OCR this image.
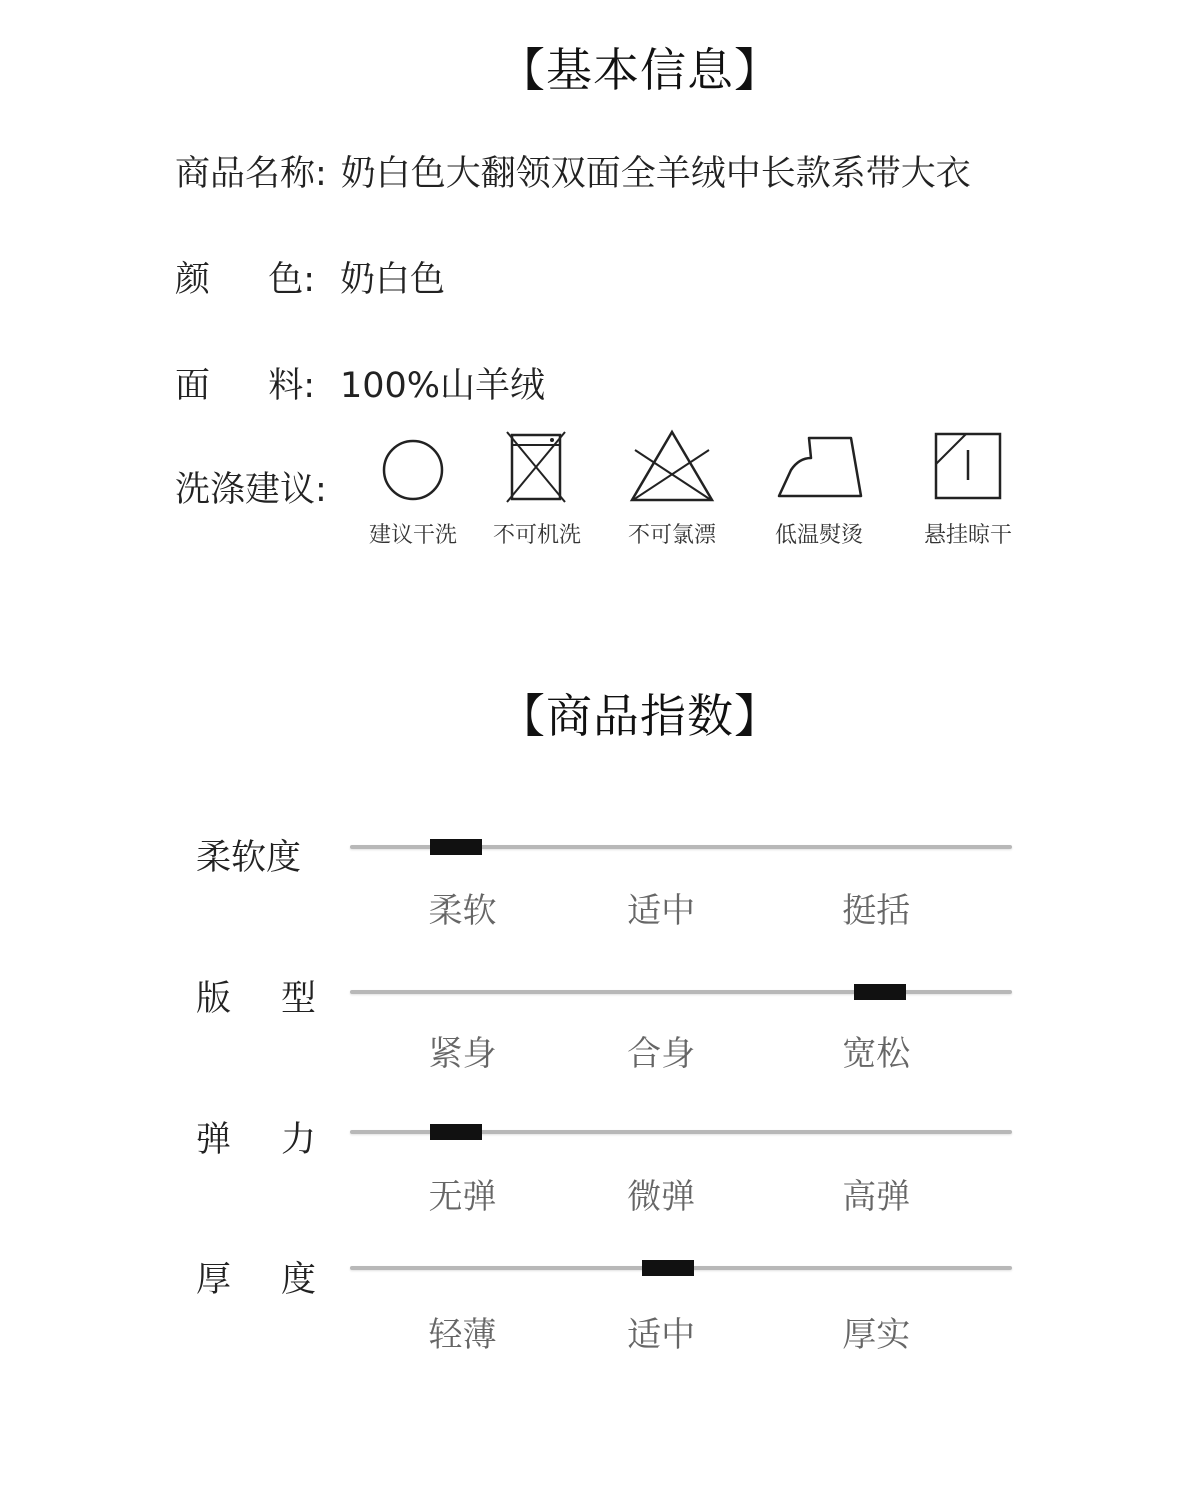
【基本信息】
商品名称: 奶白色大翻领双面全羊绒中长款系带大衣
颜 色: 奶白色
面 料: 100%山羊绒
洗涤建议:
建议干洗	不可机洗	不可氯漂	低温熨烫	悬挂晾干
【商品指数】
柔软度
柔软	适中	挺括
版 型
紧身	合身	宽松
弹 力
无弹	微弹	高弹
厚 度
轻薄	适中	厚实
